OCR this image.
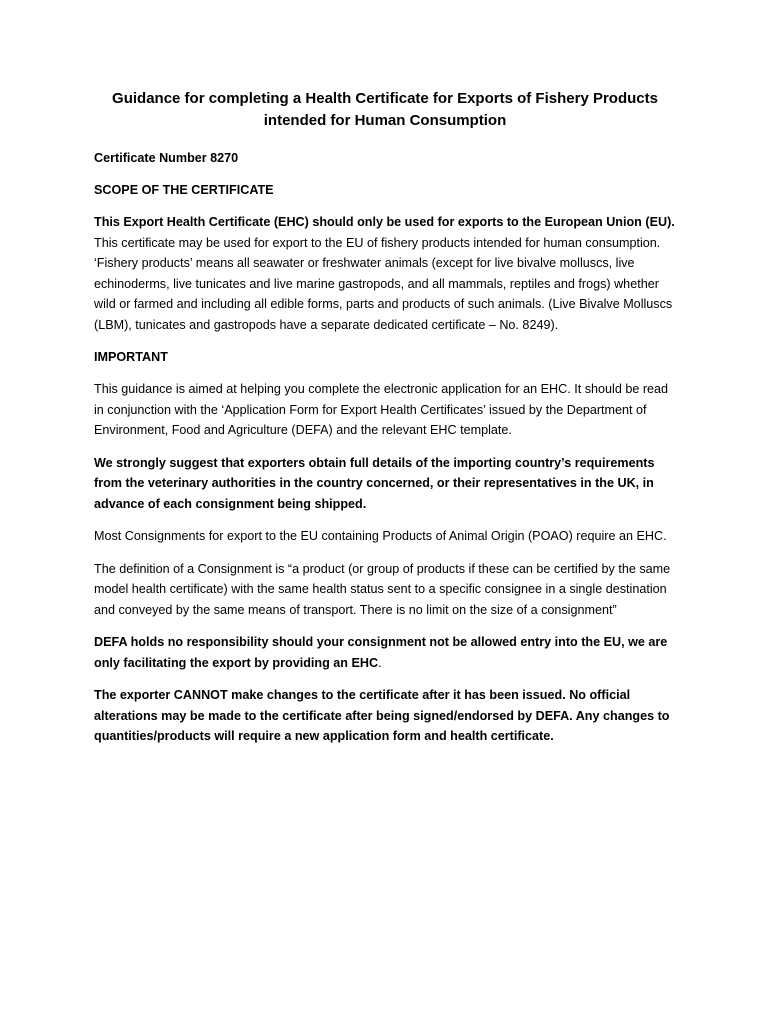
Guidance for completing a Health Certificate for Exports of Fishery Products
intended for Human Consumption

Certificate Number 8270

SCOPE OF THE CERTIFICATE

This Export Health Certificate (EHC) should only be used for exports to the European Union (EU). This certificate may be used for export to the EU of fishery products intended for human consumption. ‘Fishery products’ means all seawater or freshwater animals (except for live bivalve molluscs, live echinoderms, live tunicates and live marine gastropods, and all mammals, reptiles and frogs) whether wild or farmed and including all edible forms, parts and products of such animals. (Live Bivalve Molluscs (LBM), tunicates and gastropods have a separate dedicated certificate – No. 8249).

IMPORTANT

This guidance is aimed at helping you complete the electronic application for an EHC. It should be read in conjunction with the ‘Application Form for Export Health Certificates’ issued by the Department of Environment, Food and Agriculture (DEFA) and the relevant EHC template.

We strongly suggest that exporters obtain full details of the importing country’s requirements from the veterinary authorities in the country concerned, or their representatives in the UK, in advance of each consignment being shipped.

Most Consignments for export to the EU containing Products of Animal Origin (POAO) require an EHC.

The definition of a Consignment is “a product (or group of products if these can be certified by the same model health certificate) with the same health status sent to a specific consignee in a single destination and conveyed by the same means of transport. There is no limit on the size of a consignment”

DEFA holds no responsibility should your consignment not be allowed entry into the EU, we are only facilitating the export by providing an EHC.

The exporter CANNOT make changes to the certificate after it has been issued. No official alterations may be made to the certificate after being signed/endorsed by DEFA. Any changes to quantities/products will require a new application form and health certificate.
